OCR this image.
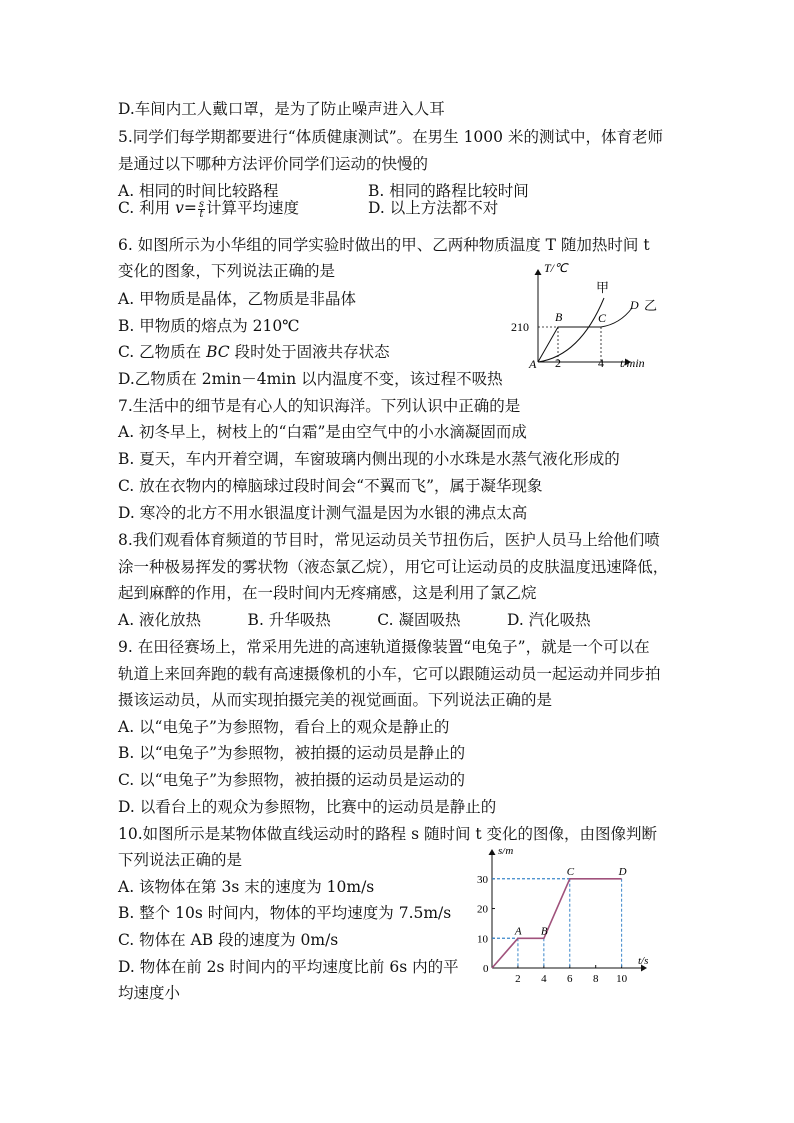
D.车间内工人戴口罩，是为了防止噪声进入人耳
5.同学们每学期都要进行“体质健康测试”。在男生 1000 米的测试中，体育老师
是通过以下哪种方法评价同学们运动的快慢的
A. 相同的时间比较路程	B. 相同的路程比较时间
C. 利用 $v= \frac{s}{t}$ 计算平均速度	D. 以上方法都不对
6. 如图所示为小华组的同学实验时做出的甲、乙两种物质温度 T 随加热时间 t
变化的图象，下列说法正确的是
A. 甲物质是晶体，乙物质是非晶体
B. 甲物质的熔点为 210℃
C. 乙物质在 BC 段时处于固液共存状态
D.乙物质在 2min－4min 以内温度不变，该过程不吸热
T/℃
t/min
210
2	4
A
甲
B	C
D 乙
7.生活中的细节是有心人的知识海洋。下列认识中正确的是
A. 初冬早上，树枝上的“白霜”是由空气中的小水滴凝固而成
B. 夏天，车内开着空调，车窗玻璃内侧出现的小水珠是水蒸气液化形成的
C. 放在衣物内的樟脑球过段时间会“不翼而飞”，属于凝华现象
D. 寒冷的北方不用水银温度计测气温是因为水银的沸点太高
8.我们观看体育频道的节目时，常见运动员关节扭伤后，医护人员马上给他们喷
涂一种极易挥发的雾状物（液态氯乙烷），用它可让运动员的皮肤温度迅速降低，
起到麻醉的作用，在一段时间内无疼痛感，这是利用了氯乙烷
A. 液化放热　　　B. 升华吸热　　　C. 凝固吸热　　　D. 汽化吸热
9. 在田径赛场上，常采用先进的高速轨道摄像装置“电兔子”，就是一个可以在
轨道上来回奔跑的载有高速摄像机的小车，它可以跟随运动员一起运动并同步拍
摄该运动员，从而实现拍摄完美的视觉画面。下列说法正确的是
A. 以“电兔子”为参照物，看台上的观众是静止的
B. 以“电兔子”为参照物，被拍摄的运动员是静止的
C. 以“电兔子”为参照物，被拍摄的运动员是运动的
D. 以看台上的观众为参照物，比赛中的运动员是静止的
10.如图所示是某物体做直线运动时的路程 s 随时间 t 变化的图像，由图像判断
下列说法正确的是
A. 该物体在第 3s 末的速度为 10m/s
B. 整个 10s 时间内，物体的平均速度为 7.5m/s
C. 物体在 AB 段的速度为 0m/s
D. 物体在前 2s 时间内的平均速度比前 6s 内的平
均速度小
s/m
t/s
0
2 4 6 8 10
10
20
30
A B
C	D
